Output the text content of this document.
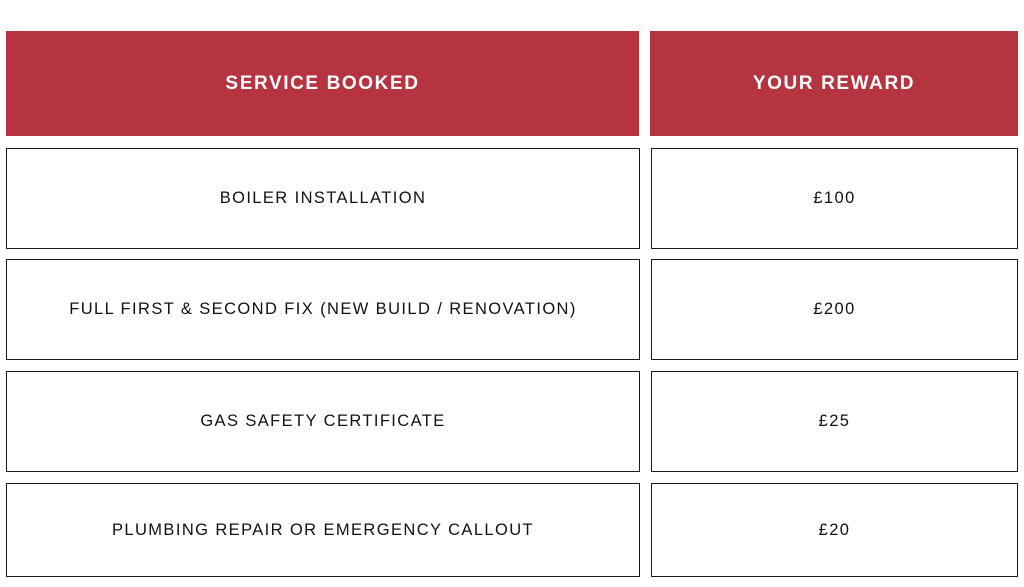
SERVICE BOOKED	YOUR REWARD
BOILER INSTALLATION	£100
FULL FIRST & SECOND FIX (NEW BUILD / RENOVATION)	£200
GAS SAFETY CERTIFICATE	£25
PLUMBING REPAIR OR EMERGENCY CALLOUT	£20
